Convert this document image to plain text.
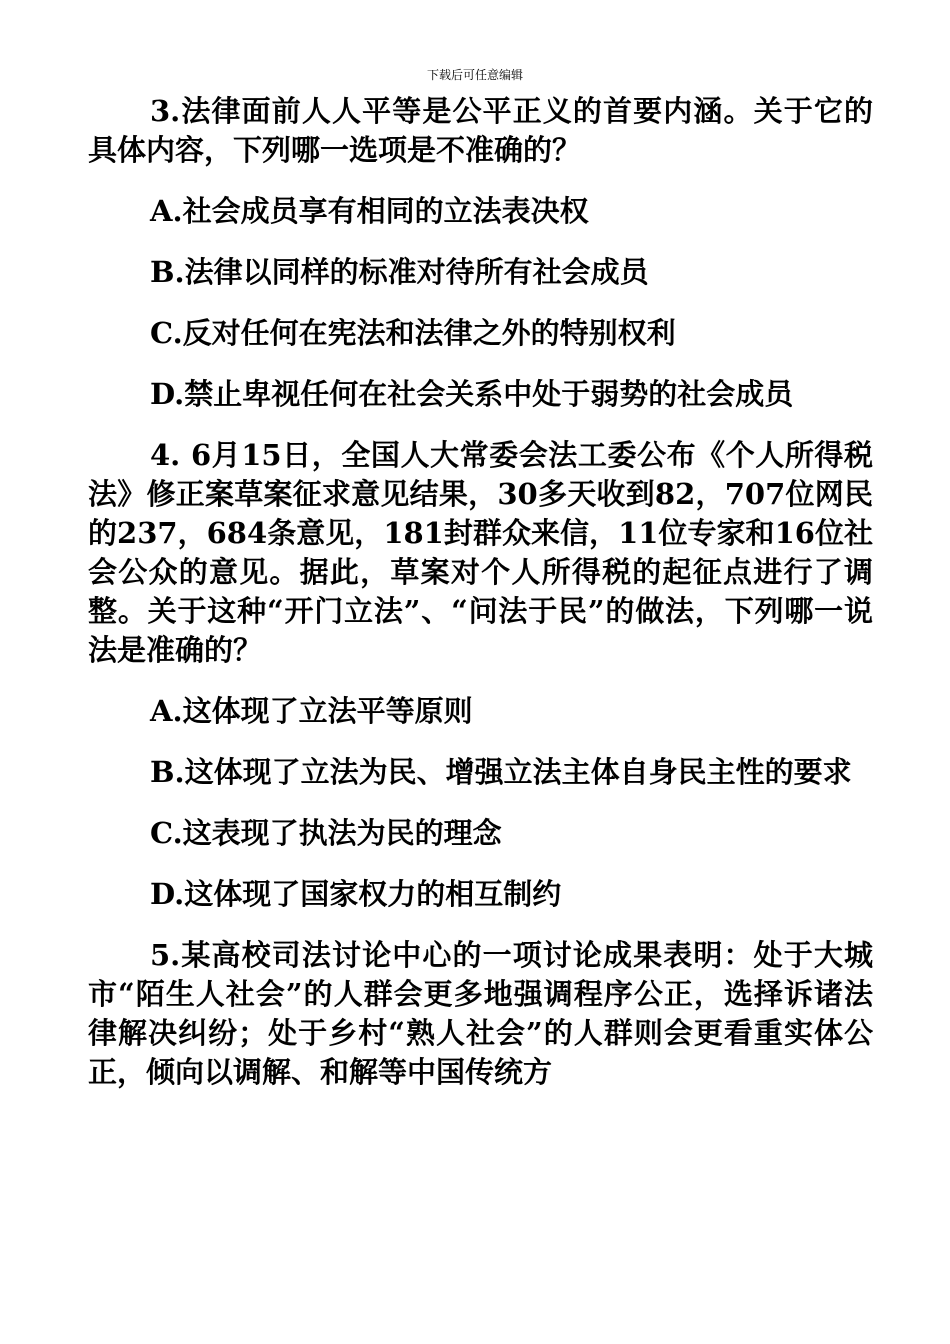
下载后可任意编辑

3.法律面前人人平等是公平正义的首要内涵。关于它的具体内容，下列哪一选项是不准确的？

A.社会成员享有相同的立法表决权

B.法律以同样的标准对待所有社会成员

C.反对任何在宪法和法律之外的特别权利

D.禁止卑视任何在社会关系中处于弱势的社会成员

4. 6月15日，全国人大常委会法工委公布《个人所得税法》修正案草案征求意见结果，30多天收到82，707位网民的237，684条意见，181封群众来信，11位专家和16位社会公众的意见。据此，草案对个人所得税的起征点进行了调整。关于这种“开门立法”、“问法于民”的做法，下列哪一说法是准确的？

A.这体现了立法平等原则

B.这体现了立法为民、增强立法主体自身民主性的要求

C.这表现了执法为民的理念

D.这体现了国家权力的相互制约

5.某高校司法讨论中心的一项讨论成果表明：处于大城市“陌生人社会”的人群会更多地强调程序公正，选择诉诸法律解决纠纷；处于乡村“熟人社会”的人群则会更看重实体公正，倾向以调解、和解等中国传统方
